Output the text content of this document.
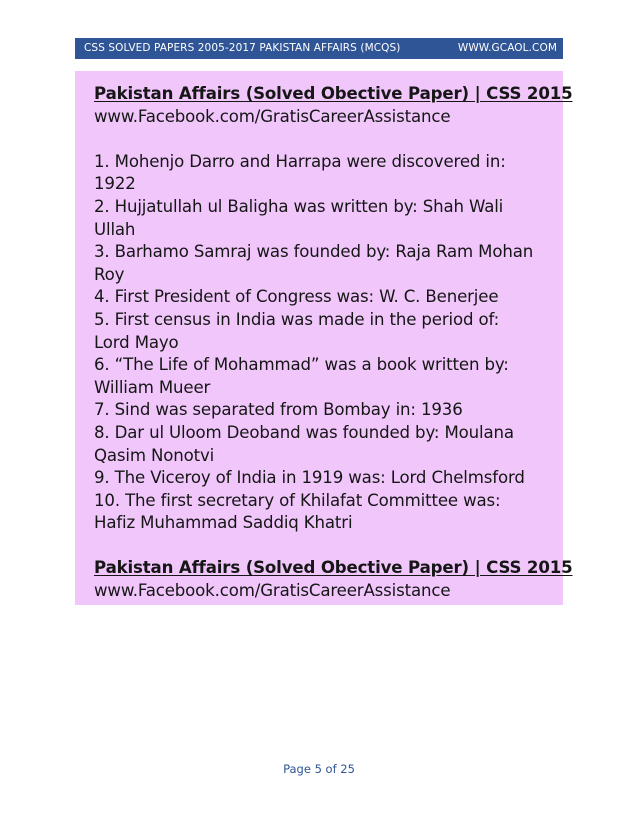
CSS SOLVED PAPERS 2005-2017 PAKISTAN AFFAIRS (MCQS)	WWW.GCAOL.COM
Pakistan Affairs (Solved Obective Paper) | CSS 2015
www.Facebook.com/GratisCareerAssistance
1. Mohenjo Darro and Harrapa were discovered in:
1922
2. Hujjatullah ul Baligha was written by: Shah Wali
Ullah
3. Barhamo Samraj was founded by: Raja Ram Mohan
Roy
4. First President of Congress was: W. C. Benerjee
5. First census in India was made in the period of:
Lord Mayo
6. “The Life of Mohammad” was a book written by:
William Mueer
7. Sind was separated from Bombay in: 1936
8. Dar ul Uloom Deoband was founded by: Moulana
Qasim Nonotvi
9. The Viceroy of India in 1919 was: Lord Chelmsford
10. The first secretary of Khilafat Committee was:
Hafiz Muhammad Saddiq Khatri
Pakistan Affairs (Solved Obective Paper) | CSS 2015
www.Facebook.com/GratisCareerAssistance
Page 5 of 25
